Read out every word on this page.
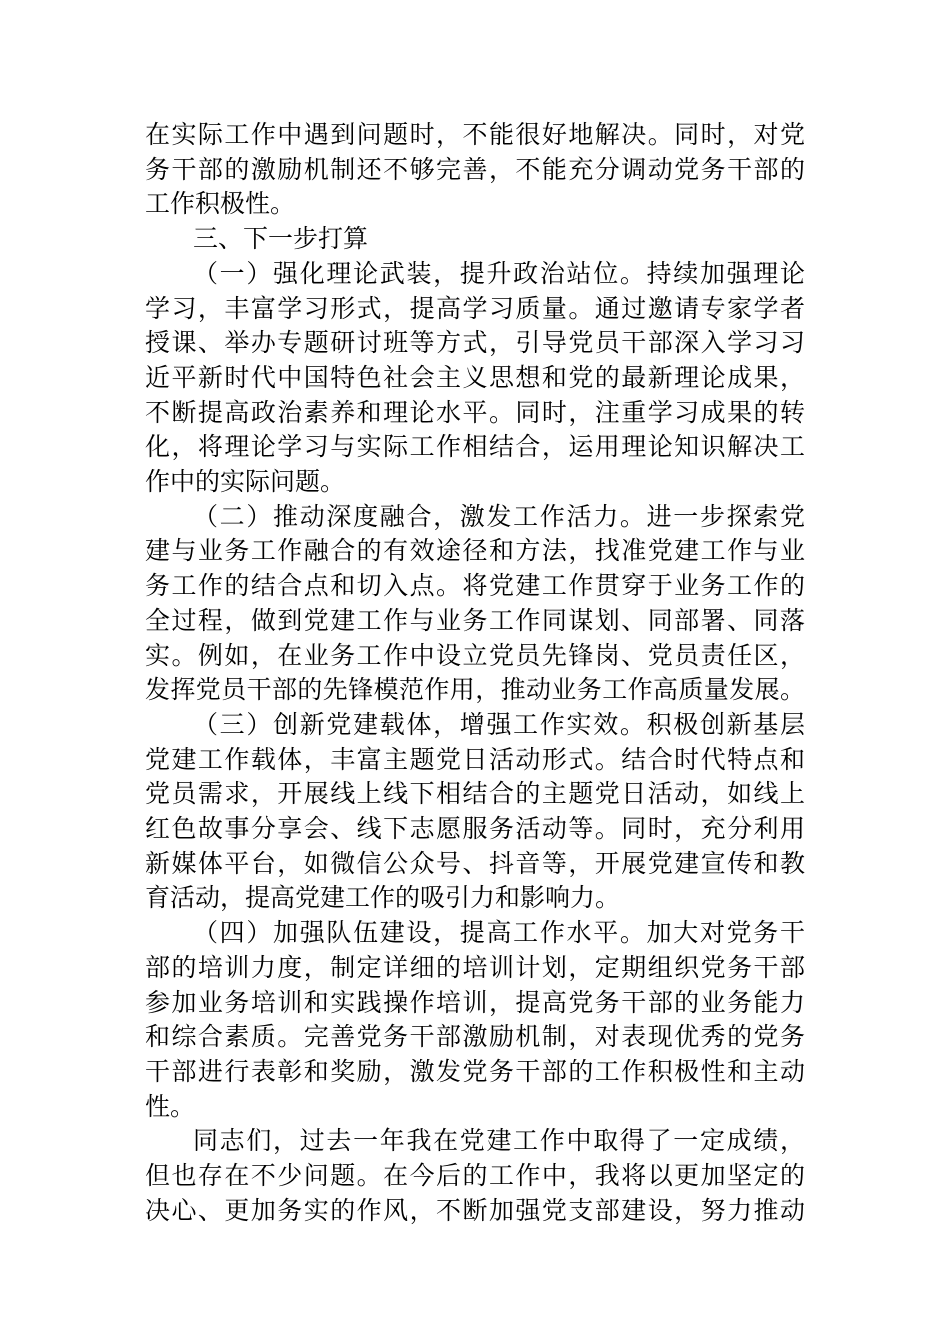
在实际工作中遇到问题时，不能很好地解决。同时，对党
务干部的激励机制还不够完善，不能充分调动党务干部的
工作积极性。
三、下一步打算
（一）强化理论武装，提升政治站位。持续加强理论
学习，丰富学习形式，提高学习质量。通过邀请专家学者
授课、举办专题研讨班等方式，引导党员干部深入学习习
近平新时代中国特色社会主义思想和党的最新理论成果，
不断提高政治素养和理论水平。同时，注重学习成果的转
化，将理论学习与实际工作相结合，运用理论知识解决工
作中的实际问题。
（二）推动深度融合，激发工作活力。进一步探索党
建与业务工作融合的有效途径和方法，找准党建工作与业
务工作的结合点和切入点。将党建工作贯穿于业务工作的
全过程，做到党建工作与业务工作同谋划、同部署、同落
实。例如，在业务工作中设立党员先锋岗、党员责任区，
发挥党员干部的先锋模范作用，推动业务工作高质量发展。
（三）创新党建载体，增强工作实效。积极创新基层
党建工作载体，丰富主题党日活动形式。结合时代特点和
党员需求，开展线上线下相结合的主题党日活动，如线上
红色故事分享会、线下志愿服务活动等。同时，充分利用
新媒体平台，如微信公众号、抖音等，开展党建宣传和教
育活动，提高党建工作的吸引力和影响力。
（四）加强队伍建设，提高工作水平。加大对党务干
部的培训力度，制定详细的培训计划，定期组织党务干部
参加业务培训和实践操作培训，提高党务干部的业务能力
和综合素质。完善党务干部激励机制，对表现优秀的党务
干部进行表彰和奖励，激发党务干部的工作积极性和主动
性。
同志们，过去一年我在党建工作中取得了一定成绩，
但也存在不少问题。在今后的工作中，我将以更加坚定的
决心、更加务实的作风，不断加强党支部建设，努力推动
